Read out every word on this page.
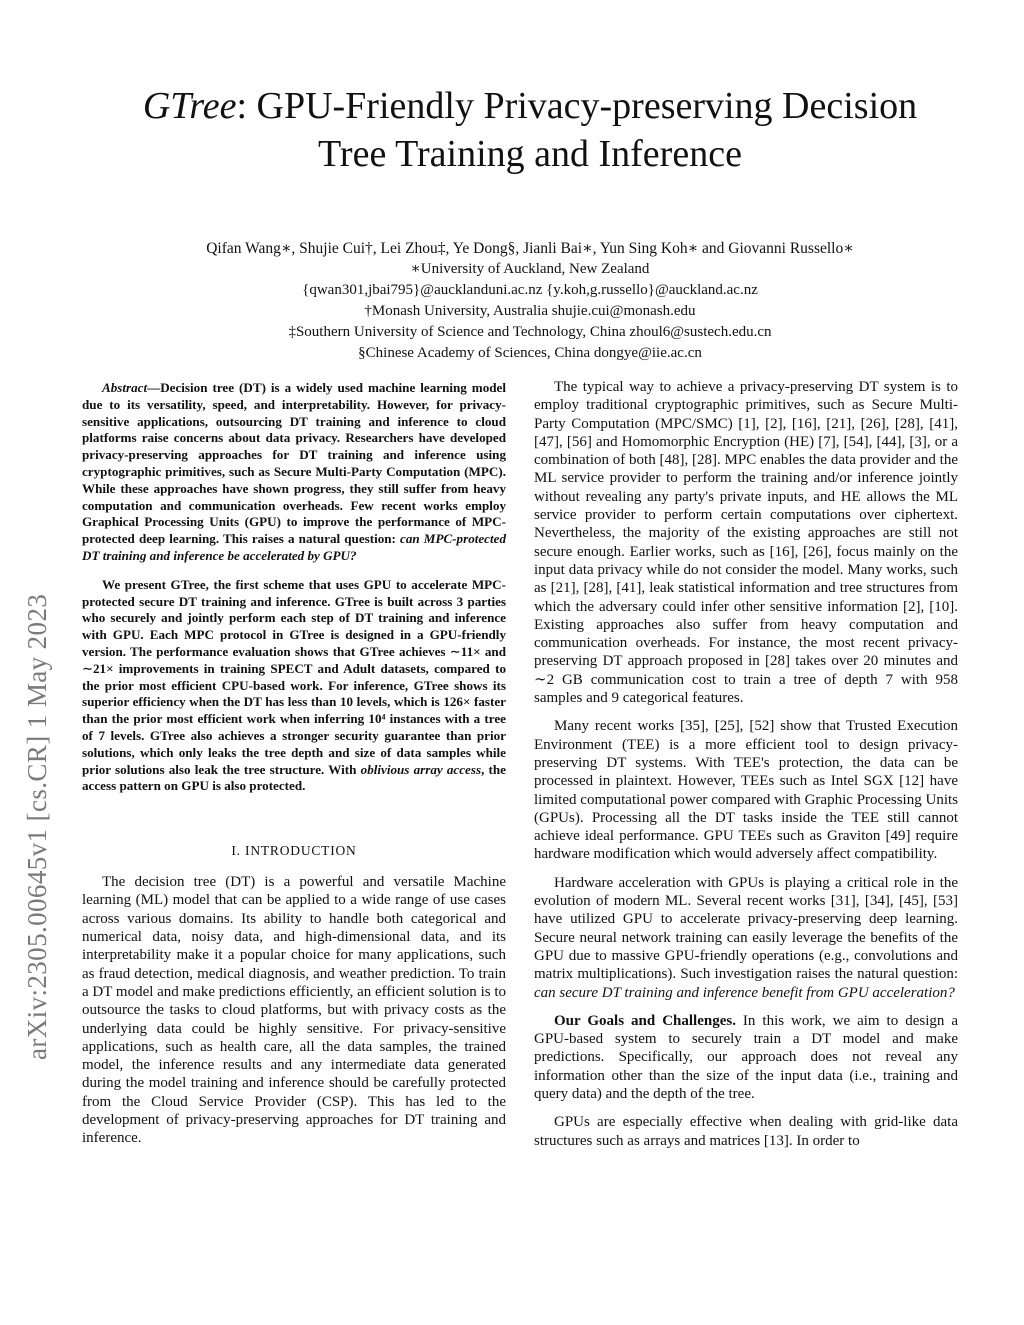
arXiv:2305.00645v1 [cs.CR] 1 May 2023
GTree: GPU-Friendly Privacy-preserving Decision
Tree Training and Inference
Qifan Wang∗, Shujie Cui†, Lei Zhou‡, Ye Dong§, Jianli Bai∗, Yun Sing Koh∗ and Giovanni Russello∗
∗University of Auckland, New Zealand
{qwan301,jbai795}@aucklanduni.ac.nz {y.koh,g.russello}@auckland.ac.nz
†Monash University, Australia shujie.cui@monash.edu
‡Southern University of Science and Technology, China zhoul6@sustech.edu.cn
§Chinese Academy of Sciences, China dongye@iie.ac.cn

Abstract—Decision tree (DT) is a widely used machine learning model due to its versatility, speed, and interpretability. However, for privacy-sensitive applications, outsourcing DT training and inference to cloud platforms raise concerns about data privacy. Researchers have developed privacy-preserving approaches for DT training and inference using cryptographic primitives, such as Secure Multi-Party Computation (MPC). While these approaches have shown progress, they still suffer from heavy computation and communication overheads. Few recent works employ Graphical Processing Units (GPU) to improve the performance of MPC-protected deep learning. This raises a natural question: can MPC-protected DT training and inference be accelerated by GPU?

We present GTree, the first scheme that uses GPU to accelerate MPC-protected secure DT training and inference. GTree is built across 3 parties who securely and jointly perform each step of DT training and inference with GPU. Each MPC protocol in GTree is designed in a GPU-friendly version. The performance evaluation shows that GTree achieves ∼11× and ∼21× improvements in training SPECT and Adult datasets, compared to the prior most efficient CPU-based work. For inference, GTree shows its superior efficiency when the DT has less than 10 levels, which is 126× faster than the prior most efficient work when inferring 10⁴ instances with a tree of 7 levels. GTree also achieves a stronger security guarantee than prior solutions, which only leaks the tree depth and size of data samples while prior solutions also leak the tree structure. With oblivious array access, the access pattern on GPU is also protected.

I. INTRODUCTION

The decision tree (DT) is a powerful and versatile Machine learning (ML) model that can be applied to a wide range of use cases across various domains. Its ability to handle both categorical and numerical data, noisy data, and high-dimensional data, and its interpretability make it a popular choice for many applications, such as fraud detection, medical diagnosis, and weather prediction. To train a DT model and make predictions efficiently, an efficient solution is to outsource the tasks to cloud platforms, but with privacy costs as the underlying data could be highly sensitive. For privacy-sensitive applications, such as health care, all the data samples, the trained model, the inference results and any intermediate data generated during the model training and inference should be carefully protected from the Cloud Service Provider (CSP). This has led to the development of privacy-preserving approaches for DT training and inference.

The typical way to achieve a privacy-preserving DT system is to employ traditional cryptographic primitives, such as Secure Multi-Party Computation (MPC/SMC) [1], [2], [16], [21], [26], [28], [41], [47], [56] and Homomorphic Encryption (HE) [7], [54], [44], [3], or a combination of both [48], [28]. MPC enables the data provider and the ML service provider to perform the training and/or inference jointly without revealing any party's private inputs, and HE allows the ML service provider to perform certain computations over ciphertext. Nevertheless, the majority of the existing approaches are still not secure enough. Earlier works, such as [16], [26], focus mainly on the input data privacy while do not consider the model. Many works, such as [21], [28], [41], leak statistical information and tree structures from which the adversary could infer other sensitive information [2], [10]. Existing approaches also suffer from heavy computation and communication overheads. For instance, the most recent privacy-preserving DT approach proposed in [28] takes over 20 minutes and ∼2 GB communication cost to train a tree of depth 7 with 958 samples and 9 categorical features.

Many recent works [35], [25], [52] show that Trusted Execution Environment (TEE) is a more efficient tool to design privacy-preserving DT systems. With TEE's protection, the data can be processed in plaintext. However, TEEs such as Intel SGX [12] have limited computational power compared with Graphic Processing Units (GPUs). Processing all the DT tasks inside the TEE still cannot achieve ideal performance. GPU TEEs such as Graviton [49] require hardware modification which would adversely affect compatibility.

Hardware acceleration with GPUs is playing a critical role in the evolution of modern ML. Several recent works [31], [34], [45], [53] have utilized GPU to accelerate privacy-preserving deep learning. Secure neural network training can easily leverage the benefits of the GPU due to massive GPU-friendly operations (e.g., convolutions and matrix multiplications). Such investigation raises the natural question: can secure DT training and inference benefit from GPU acceleration?

Our Goals and Challenges. In this work, we aim to design a GPU-based system to securely train a DT model and make predictions. Specifically, our approach does not reveal any information other than the size of the input data (i.e., training and query data) and the depth of the tree.

GPUs are especially effective when dealing with grid-like data structures such as arrays and matrices [13]. In order to
